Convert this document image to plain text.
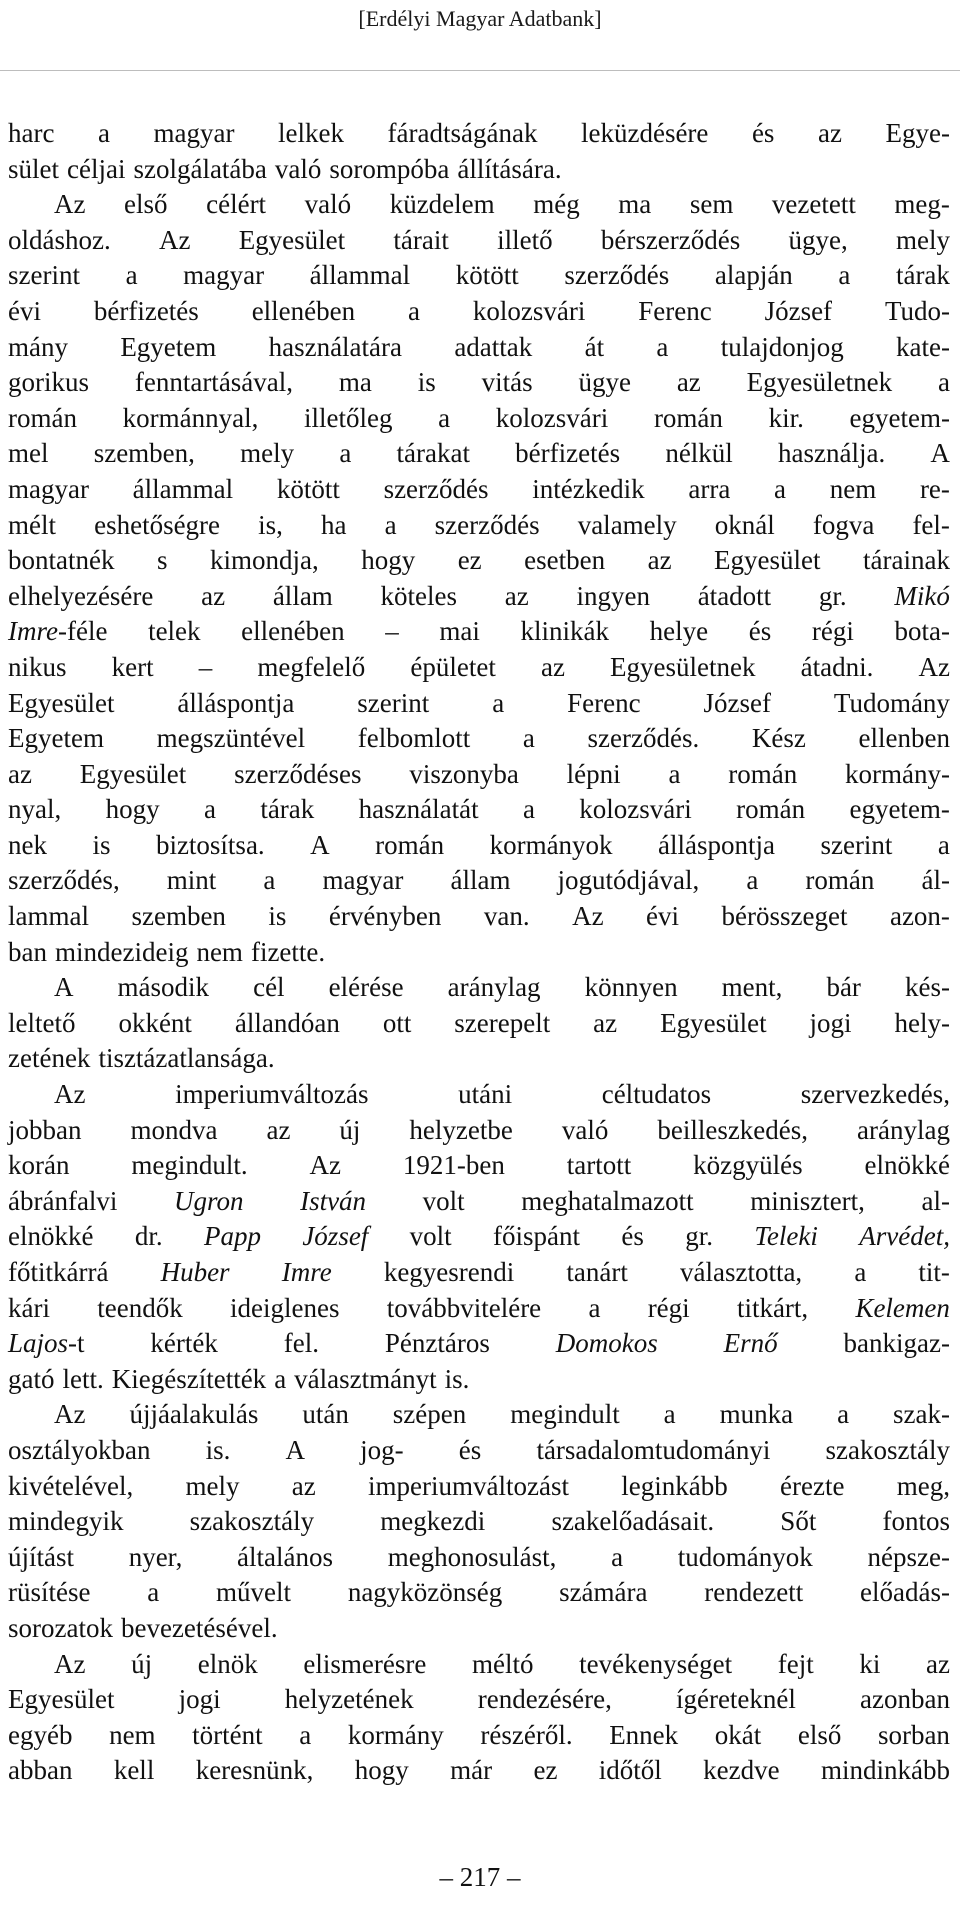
[Erdélyi Magyar Adatbank]
harc a magyar lelkek fáradtságának leküzdésére és az Egye-
sület céljai szolgálatába való sorompóba állítására.
Az első célért való küzdelem még ma sem vezetett meg-
oldáshoz. Az Egyesület tárait illető bérszerződés ügye, mely
szerint a magyar állammal kötött szerződés alapján a tárak
évi bérfizetés ellenében a kolozsvári Ferenc József Tudo-
mány Egyetem használatára adattak át a tulajdonjog kate-
gorikus fenntartásával, ma is vitás ügye az Egyesületnek a
román kormánnyal, illetőleg a kolozsvári román kir. egyetem-
mel szemben, mely a tárakat bérfizetés nélkül használja. A
magyar állammal kötött szerződés intézkedik arra a nem re-
mélt eshetőségre is, ha a szerződés valamely oknál fogva fel-
bontatnék s kimondja, hogy ez esetben az Egyesület tárainak
elhelyezésére az állam köteles az ingyen átadott gr. Mikó
Imre-féle telek ellenében – mai klinikák helye és régi bota-
nikus kert – megfelelő épületet az Egyesületnek átadni. Az
Egyesület álláspontja szerint a Ferenc József Tudomány
Egyetem megszüntével felbomlott a szerződés. Kész ellenben
az Egyesület szerződéses viszonyba lépni a román kormány-
nyal, hogy a tárak használatát a kolozsvári román egyetem-
nek is biztosítsa. A román kormányok álláspontja szerint a
szerződés, mint a magyar állam jogutódjával, a román ál-
lammal szemben is érvényben van. Az évi bérösszeget azon-
ban mindezideig nem fizette.
A második cél elérése aránylag könnyen ment, bár kés-
leltető okként állandóan ott szerepelt az Egyesület jogi hely-
zetének tisztázatlansága.
Az	imperiumváltozás	utáni	céltudatos	szervezkedés,
jobban mondva az új helyzetbe való beilleszkedés, aránylag
korán megindult. Az 1921-ben tartott közgyülés elnökké
ábránfalvi Ugron István volt meghatalmazott minisztert, al-
elnökké dr. Papp József volt főispánt és gr. Teleki Arvédet,
főtitkárrá Huber Imre kegyesrendi tanárt választotta, a tit-
kári teendők ideiglenes továbbvitelére a régi titkárt, Kelemen
Lajos-t kérték fel. Pénztáros Domokos Ernő bankigaz-
gató lett. Kiegészítették a választmányt is.
Az újjáalakulás után szépen megindult a munka a szak-
osztályokban is. A jog- és társadalomtudományi szakosztály
kivételével, mely az imperiumváltozást leginkább érezte meg,
mindegyik szakosztály megkezdi szakelőadásait. Sőt fontos
újítást nyer, általános meghonosulást, a tudományok népsze-
rüsítése a művelt nagyközönség számára rendezett előadás-
sorozatok bevezetésével.
Az új elnök elismerésre méltó tevékenységet fejt ki az
Egyesület jogi helyzetének rendezésére, ígéreteknél azonban
egyéb nem történt a kormány részéről. Ennek okát első sorban
abban kell keresnünk, hogy már ez időtől kezdve mindinkább
– 217 –
